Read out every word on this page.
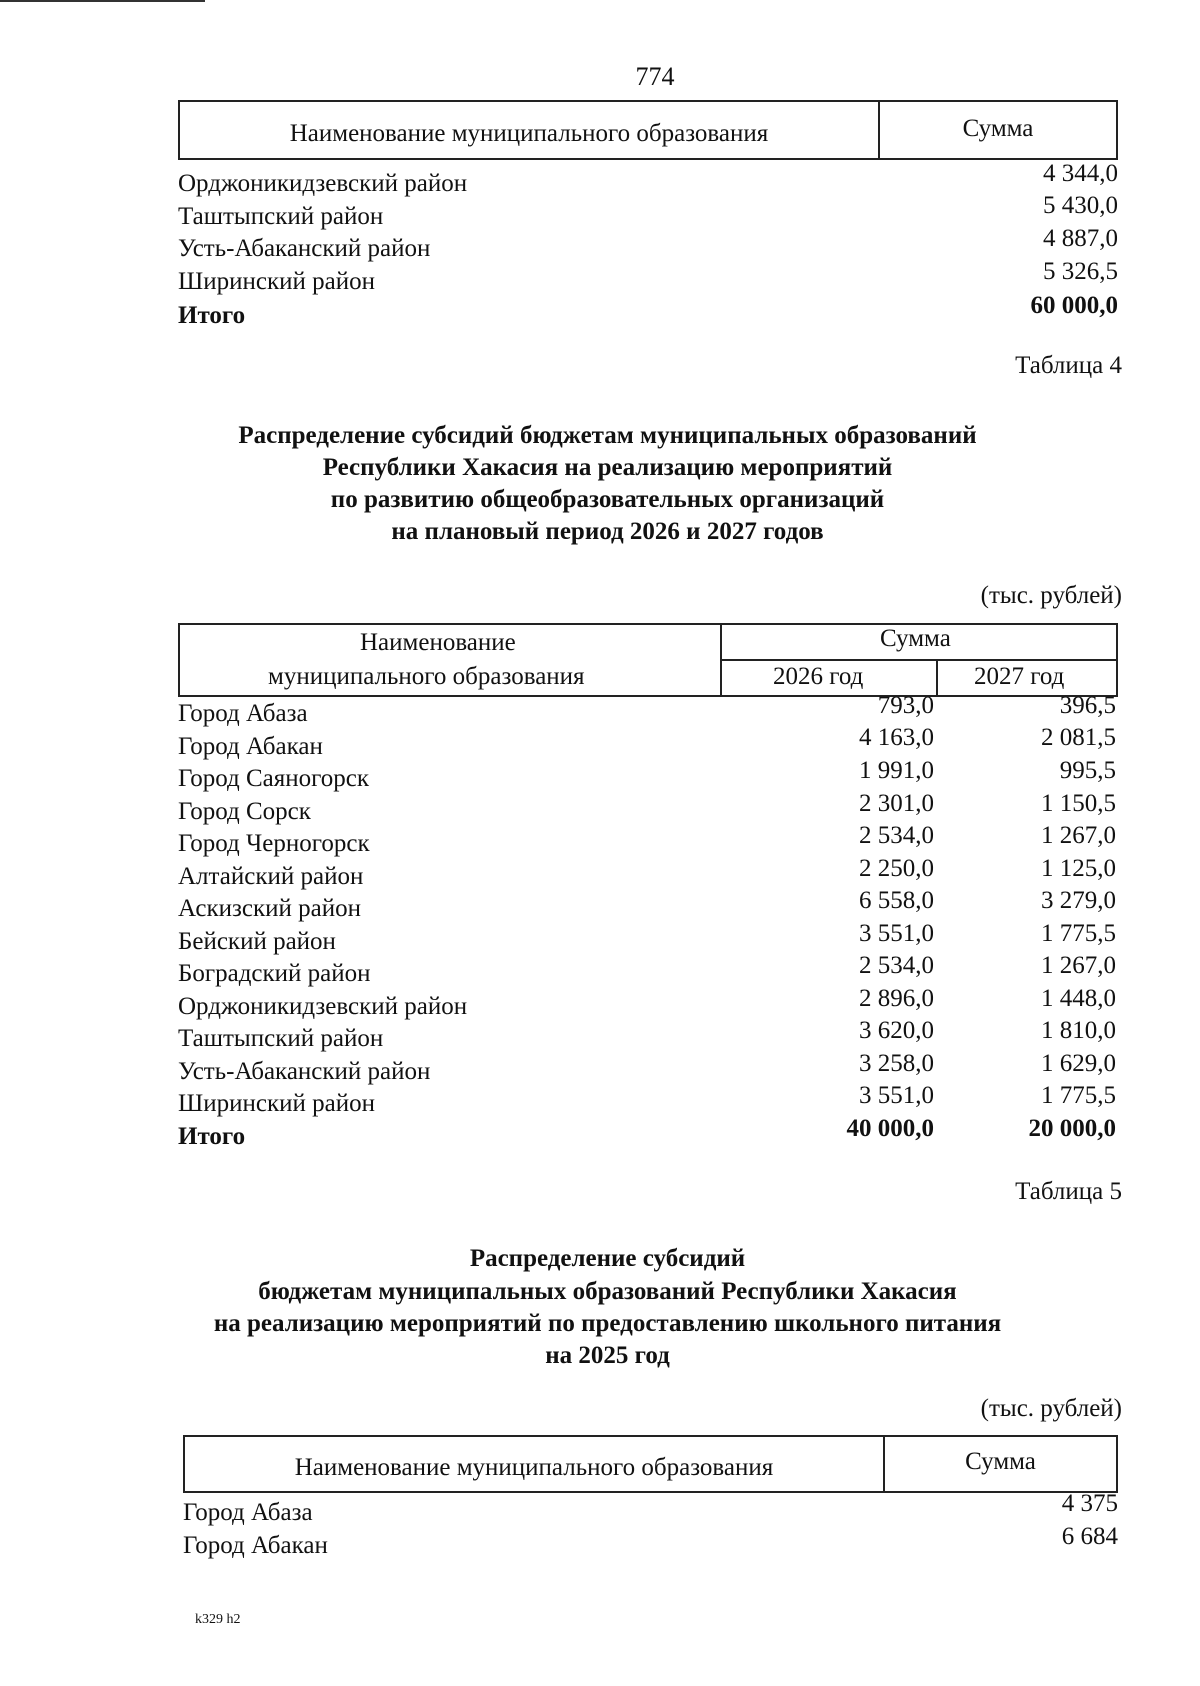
774
Наименование муниципального образования	Сумма
Орджоникидзевский район	4 344,0
Таштыпский район	5 430,0
Усть-Абаканский район	4 887,0
Ширинский район	5 326,5
Итого	60 000,0
Таблица 4
Распределение субсидий бюджетам муниципальных образований
Республики Хакасия на реализацию мероприятий
по развитию общеобразовательных организаций
на плановый период 2026 и 2027 годов
(тыс. рублей)
Наименование
муниципального образования
Сумма
2026 год	2027 год
Город Абаза	793,0	396,5
Город Абакан	4 163,0	2 081,5
Город Саяногорск	1 991,0	995,5
Город Сорск	2 301,0	1 150,5
Город Черногорск	2 534,0	1 267,0
Алтайский район	2 250,0	1 125,0
Аскизский район	6 558,0	3 279,0
Бейский район	3 551,0	1 775,5
Боградский район	2 534,0	1 267,0
Орджоникидзевский район	2 896,0	1 448,0
Таштыпский район	3 620,0	1 810,0
Усть-Абаканский район	3 258,0	1 629,0
Ширинский район	3 551,0	1 775,5
Итого	40 000,0	20 000,0
Таблица 5
Распределение субсидий
бюджетам муниципальных образований Республики Хакасия
на реализацию мероприятий по предоставлению школьного питания
на 2025 год
(тыс. рублей)
Наименование муниципального образования	Сумма
Город Абаза	4 375
Город Абакан	6 684
k329 h2
